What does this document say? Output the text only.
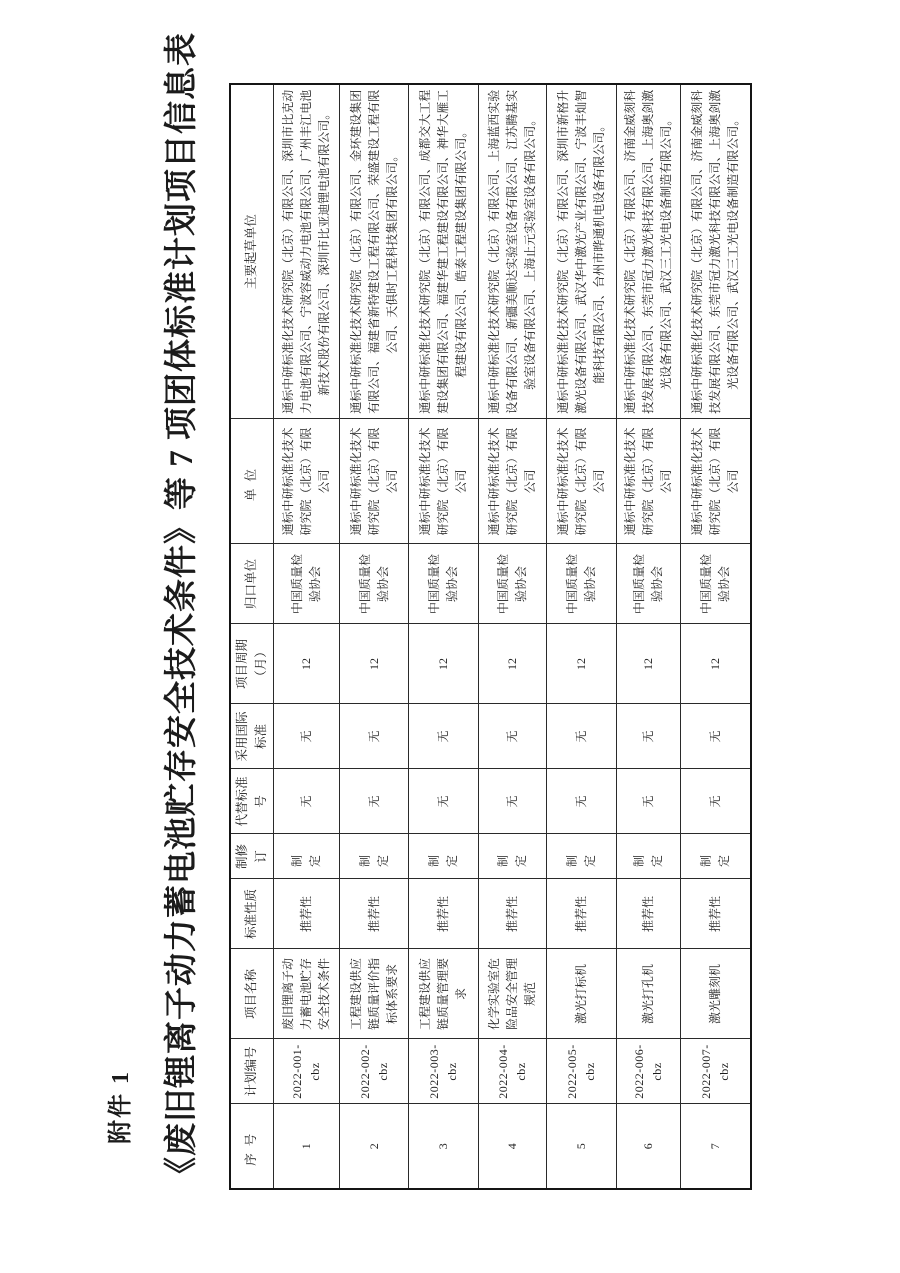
附件 1 《废旧锂离子动力蓄电池贮存安全技术条件》等 7 项团体标准计划项目信息表	序号	计划编号	项目名称	标准性质	制修订	代替标准号	采用国际标准	项目周期（月）	归口单位	单位	主要起草单位
1	2022-001-cbz	废旧锂离子动力蓄电池贮存安全技术条件	推荐性	制定	无	无	12	中国质量检验协会	通标中研标准化技术研究院（北京）有限公司	通标中研标准化技术研究院（北京）有限公司、深圳市比克动力电池有限公司、宁波容威动力电池有限公司、广州丰江电池新技术股份有限公司、深圳市比亚迪锂电池有限公司。
2	2022-002-cbz	工程建设供应链质量评价指标体系要求	推荐性	制定	无	无	12	中国质量检验协会	通标中研标准化技术研究院（北京）有限公司	通标中研标准化技术研究院（北京）有限公司、金环建设集团有限公司、福建省新特建设工程有限公司、荣盛建设工程有限公司、天俱时工程科技集团有限公司。
3	2022-003-cbz	工程建设供应链质量管理要求	推荐性	制定	无	无	12	中国质量检验协会	通标中研标准化技术研究院（北京）有限公司	通标中研标准化技术研究院（北京）有限公司、成都交大工程建设集团有限公司、福建华建工程建设有限公司、神华大雁工程建设有限公司、皓泰工程建设集团有限公司。
4	2022-004-cbz	化学实验室危险品安全管理规范	推荐性	制定	无	无	12	中国质量检验协会	通标中研标准化技术研究院（北京）有限公司	通标中研标准化技术研究院（北京）有限公司、上海蓝西实验设备有限公司、新疆美顺达实验室设备有限公司、江苏腾基实验室设备有限公司、上海止元实验室设备有限公司。
5	2022-005-cbz	激光打标机	推荐性	制定	无	无	12	中国质量检验协会	通标中研标准化技术研究院（北京）有限公司	通标中研标准化技术研究院（北京）有限公司、深圳市新格升激光设备有限公司、武汉华中激光产业有限公司、宁波丰灿智能科技有限公司、台州市晔通机电设备有限公司。
6	2022-006-cbz	激光打孔机	推荐性	制定	无	无	12	中国质量检验协会	通标中研标准化技术研究院（北京）有限公司	通标中研标准化技术研究院（北京）有限公司、济南金威刻科技发展有限公司、东莞市冠力激光科技有限公司、上海奥剑激光设备有限公司、武汉三工光电设备制造有限公司。
7	2022-007-cbz	激光雕刻机	推荐性	制定	无	无	12	中国质量检验协会	通标中研标准化技术研究院（北京）有限公司	通标中研标准化技术研究院（北京）有限公司、济南金威刻科技发展有限公司、东莞市冠力激光科技有限公司、上海奥剑激光设备有限公司、武汉三工光电设备制造有限公司。
